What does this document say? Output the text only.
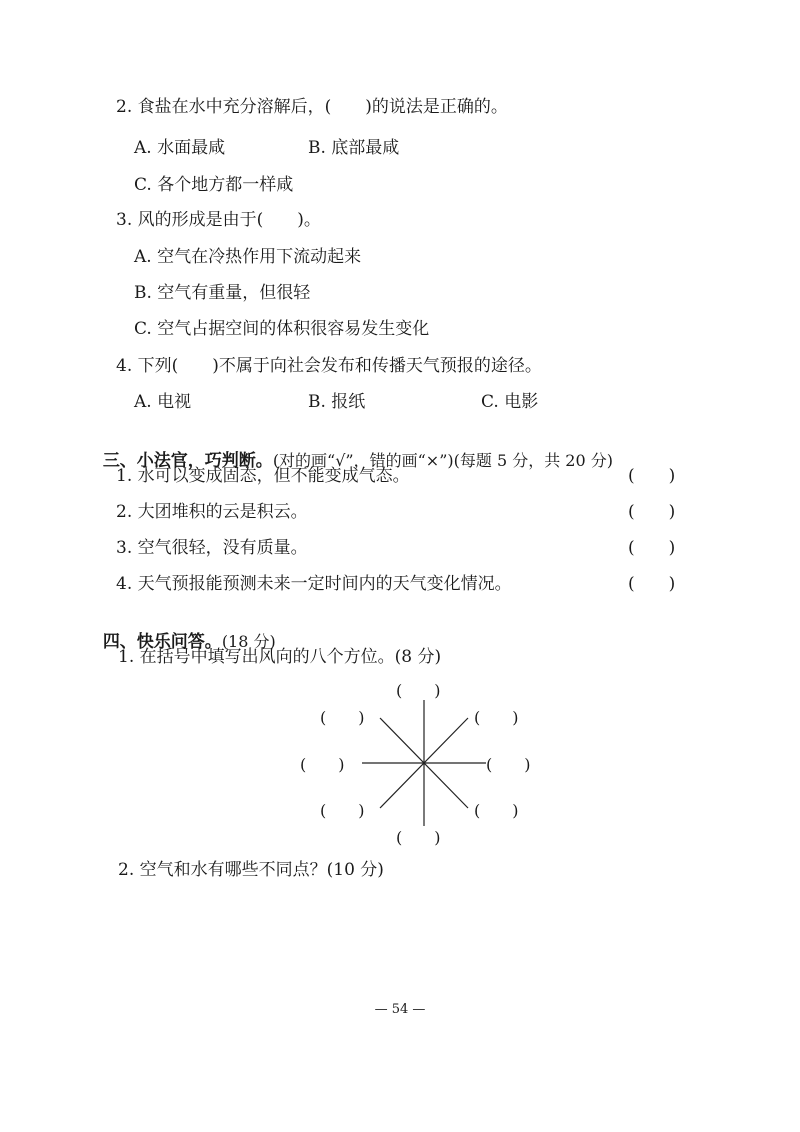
2. 食盐在水中充分溶解后，(　　)的说法是正确的。
A. 水面最咸	B. 底部最咸
C. 各个地方都一样咸
3. 风的形成是由于(　　)。
A. 空气在冷热作用下流动起来
B. 空气有重量，但很轻
C. 空气占据空间的体积很容易发生变化
4. 下列(　　)不属于向社会发布和传播天气预报的途径。
A. 电视	B. 报纸	C. 电影

三、小法官，巧判断。(对的画“√”，错的画“×”)(每题 5 分，共 20 分)

1. 水可以变成固态，但不能变成气态。	(　　)
2. 大团堆积的云是积云。	(　　)
3. 空气很轻，没有质量。	(　　)
4. 天气预报能预测未来一定时间内的天气变化情况。	(　　)

四、快乐问答。(18 分)

1. 在括号中填写出风向的八个方位。(8 分)
(　　)
(　　)	(　　)
(　　)	(　　)
(　　)	(　　)
(　　)
2. 空气和水有哪些不同点？(10 分)
— 54 —
